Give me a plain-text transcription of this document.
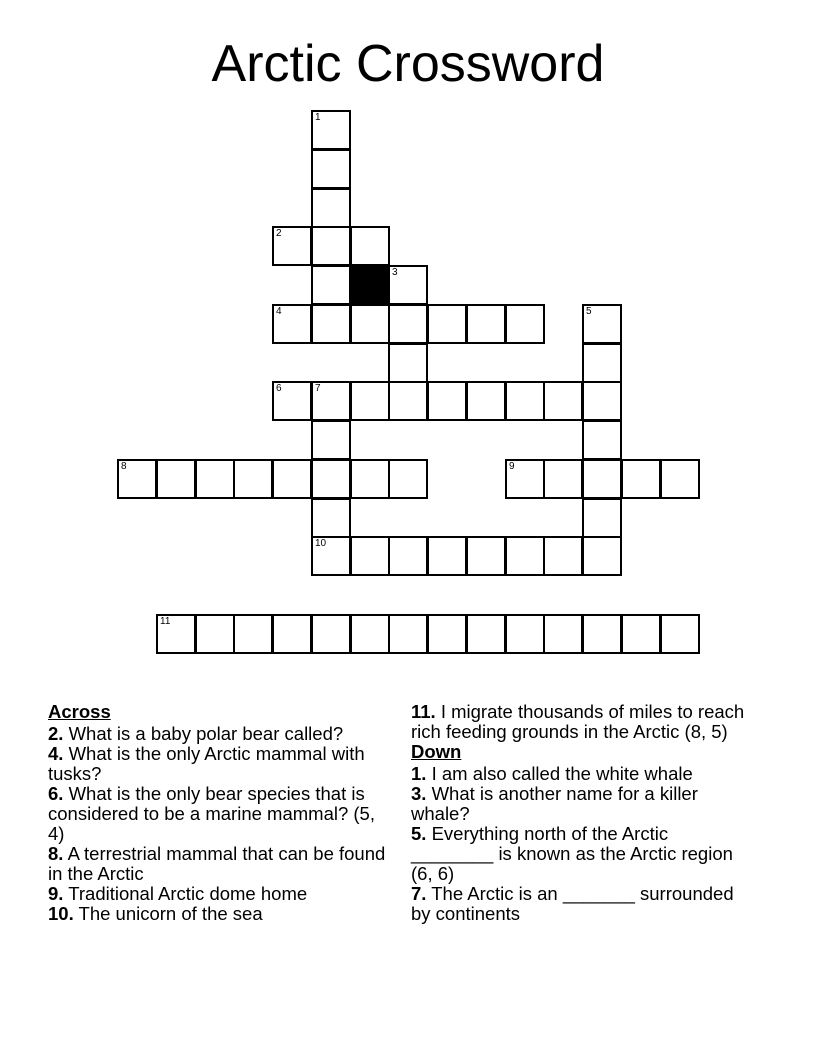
Arctic Crossword
1
2
3
4	5
6	7
8	9
10
11
Across
2. What is a baby polar bear called?
4. What is the only Arctic mammal with tusks?
6. What is the only bear species that is considered to be a marine mammal? (5, 4)
8. A terrestrial mammal that can be found in the Arctic
9. Traditional Arctic dome home
10. The unicorn of the sea
11. I migrate thousands of miles to reach rich feeding grounds in the Arctic (8, 5)
Down
1. I am also called the white whale
3. What is another name for a killer whale?
5. Everything north of the Arctic ________ is known as the Arctic region (6, 6)
7. The Arctic is an _______ surrounded by continents
